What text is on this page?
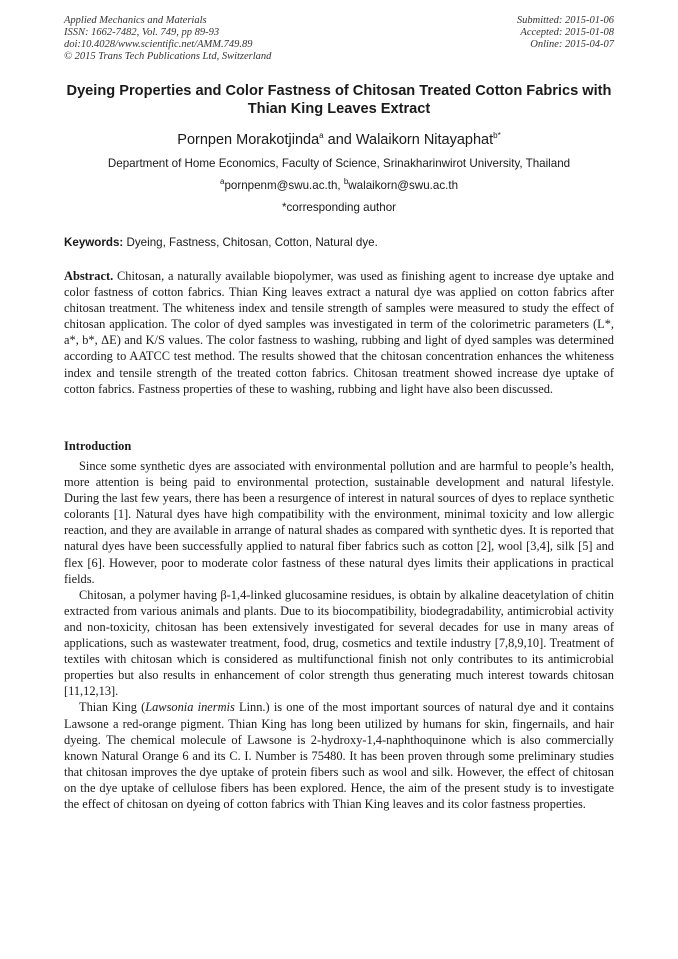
Applied Mechanics and Materials
ISSN: 1662-7482, Vol. 749, pp 89-93
doi:10.4028/www.scientific.net/AMM.749.89
© 2015 Trans Tech Publications Ltd, Switzerland
Submitted: 2015-01-06
Accepted: 2015-01-08
Online: 2015-04-07
Dyeing Properties and Color Fastness of Chitosan Treated Cotton Fabrics with Thian King Leaves Extract
Pornpen Morakotjinda$^a$ and Walaikorn Nitayaphat$^{b*}$
Department of Home Economics, Faculty of Science, Srinakharinwirot University, Thailand
$^a$pornpenm@swu.ac.th, $^b$walaikorn@swu.ac.th
*corresponding author
Keywords: Dyeing, Fastness, Chitosan, Cotton, Natural dye.

Abstract. Chitosan, a naturally available biopolymer, was used as finishing agent to increase dye uptake and color fastness of cotton fabrics. Thian King leaves extract a natural dye was applied on cotton fabrics after chitosan treatment. The whiteness index and tensile strength of samples were measured to study the effect of chitosan application. The color of dyed samples was investigated in term of the colorimetric parameters (L*, a*, b*, ΔE) and K/S values. The color fastness to washing, rubbing and light of dyed samples was determined according to AATCC test method. The results showed that the chitosan concentration enhances the whiteness index and tensile strength of the treated cotton fabrics. Chitosan treatment showed increase dye uptake of cotton fabrics. Fastness properties of these to washing, rubbing and light have also been discussed.

Introduction

Since some synthetic dyes are associated with environmental pollution and are harmful to people’s health, more attention is being paid to environmental protection, sustainable development and natural lifestyle. During the last few years, there has been a resurgence of interest in natural sources of dyes to replace synthetic colorants [1]. Natural dyes have high compatibility with the environment, minimal toxicity and low allergic reaction, and they are available in arrange of natural shades as compared with synthetic dyes. It is reported that natural dyes have been successfully applied to natural fiber fabrics such as cotton [2], wool [3,4], silk [5] and flex [6]. However, poor to moderate color fastness of these natural dyes limits their applications in practical fields.

Chitosan, a polymer having β-1,4-linked glucosamine residues, is obtain by alkaline deacetylation of chitin extracted from various animals and plants. Due to its biocompatibility, biodegradability, antimicrobial activity and non-toxicity, chitosan has been extensively investigated for several decades for use in many areas of applications, such as wastewater treatment, food, drug, cosmetics and textile industry [7,8,9,10]. Treatment of textiles with chitosan which is considered as multifunctional finish not only contributes to its antimicrobial properties but also results in enhancement of color strength thus generating much interest towards chitosan [11,12,13].

Thian King (Lawsonia inermis Linn.) is one of the most important sources of natural dye and it contains Lawsone a red-orange pigment. Thian King has long been utilized by humans for skin, fingernails, and hair dyeing. The chemical molecule of Lawsone is 2-hydroxy-1,4-naphthoquinone which is also commercially known Natural Orange 6 and its C. I. Number is 75480. It has been proven through some preliminary studies that chitosan improves the dye uptake of protein fibers such as wool and silk. However, the effect of chitosan on the dye uptake of cellulose fibers has been explored. Hence, the aim of the present study is to investigate the effect of chitosan on dyeing of cotton fabrics with Thian King leaves and its color fastness properties.
